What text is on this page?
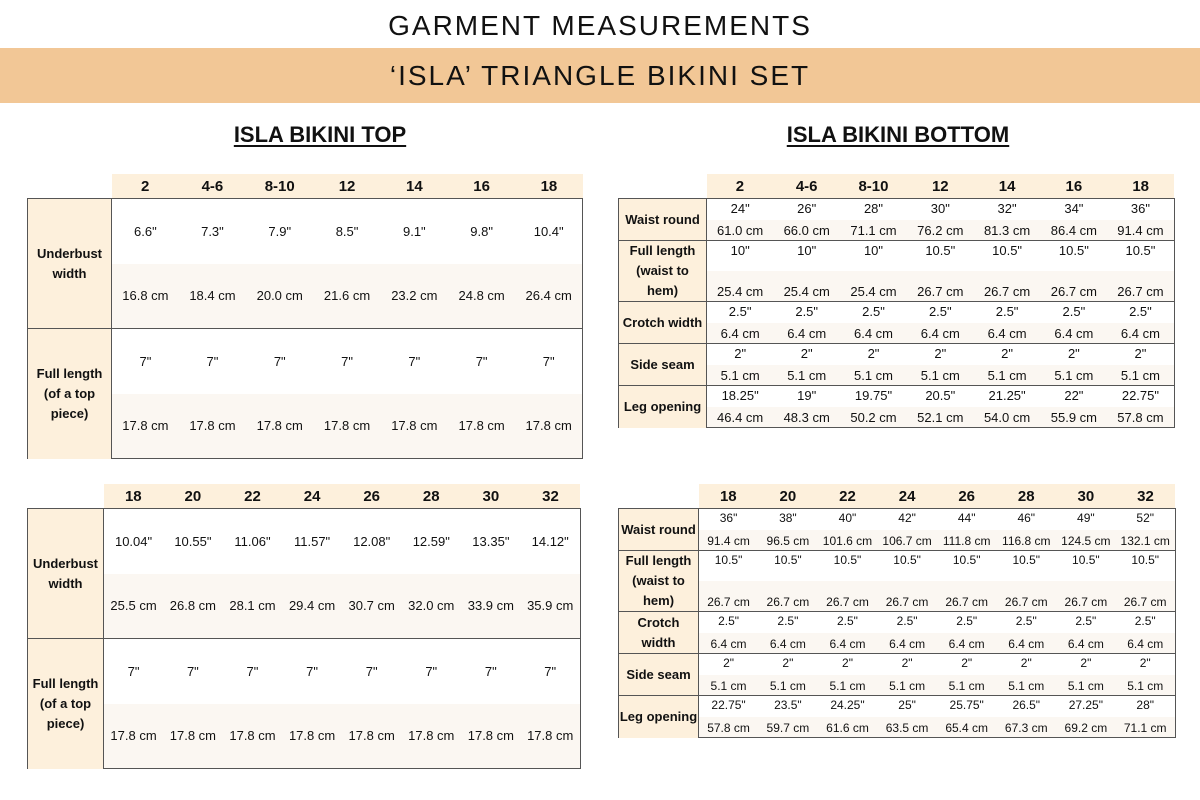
GARMENT MEASUREMENTS
‘ISLA’ TRIANGLE BIKINI SET
ISLA BIKINI TOP	ISLA BIKINI BOTTOM
	2	4-6	8-10	12	14	16	18
Underbust width	6.6"	7.3"	7.9"	8.5"	9.1"	9.8"	10.4"
	16.8 cm	18.4 cm	20.0 cm	21.6 cm	23.2 cm	24.8 cm	26.4 cm
Full length (of a top piece)	7"	7"	7"	7"	7"	7"	7"
	17.8 cm	17.8 cm	17.8 cm	17.8 cm	17.8 cm	17.8 cm	17.8 cm
	18	20	22	24	26	28	30	32
Underbust width	10.04"	10.55"	11.06"	11.57"	12.08"	12.59"	13.35"	14.12"
	25.5 cm	26.8 cm	28.1 cm	29.4 cm	30.7 cm	32.0 cm	33.9 cm	35.9 cm
Full length (of a top piece)	7"	7"	7"	7"	7"	7"	7"	7"
	17.8 cm	17.8 cm	17.8 cm	17.8 cm	17.8 cm	17.8 cm	17.8 cm	17.8 cm
	2	4-6	8-10	12	14	16	18
Waist round	24"	26"	28"	30"	32"	34"	36"
	61.0 cm	66.0 cm	71.1 cm	76.2 cm	81.3 cm	86.4 cm	91.4 cm
Full length (waist to hem)	10"	10"	10"	10.5"	10.5"	10.5"	10.5"
	25.4 cm	25.4 cm	25.4 cm	26.7 cm	26.7 cm	26.7 cm	26.7 cm
Crotch width	2.5"	2.5"	2.5"	2.5"	2.5"	2.5"	2.5"
	6.4 cm	6.4 cm	6.4 cm	6.4 cm	6.4 cm	6.4 cm	6.4 cm
Side seam	2"	2"	2"	2"	2"	2"	2"
	5.1 cm	5.1 cm	5.1 cm	5.1 cm	5.1 cm	5.1 cm	5.1 cm
Leg opening	18.25"	19"	19.75"	20.5"	21.25"	22"	22.75"
	46.4 cm	48.3 cm	50.2 cm	52.1 cm	54.0 cm	55.9 cm	57.8 cm
	18	20	22	24	26	28	30	32
Waist round	36"	38"	40"	42"	44"	46"	49"	52"
	91.4 cm	96.5 cm	101.6 cm	106.7 cm	111.8 cm	116.8 cm	124.5 cm	132.1 cm
Full length (waist to hem)	10.5"	10.5"	10.5"	10.5"	10.5"	10.5"	10.5"	10.5"
	26.7 cm	26.7 cm	26.7 cm	26.7 cm	26.7 cm	26.7 cm	26.7 cm	26.7 cm
Crotch width	2.5"	2.5"	2.5"	2.5"	2.5"	2.5"	2.5"	2.5"
	6.4 cm	6.4 cm	6.4 cm	6.4 cm	6.4 cm	6.4 cm	6.4 cm	6.4 cm
Side seam	2"	2"	2"	2"	2"	2"	2"	2"
	5.1 cm	5.1 cm	5.1 cm	5.1 cm	5.1 cm	5.1 cm	5.1 cm	5.1 cm
Leg opening	22.75"	23.5"	24.25"	25"	25.75"	26.5"	27.25"	28"
	57.8 cm	59.7 cm	61.6 cm	63.5 cm	65.4 cm	67.3 cm	69.2 cm	71.1 cm
